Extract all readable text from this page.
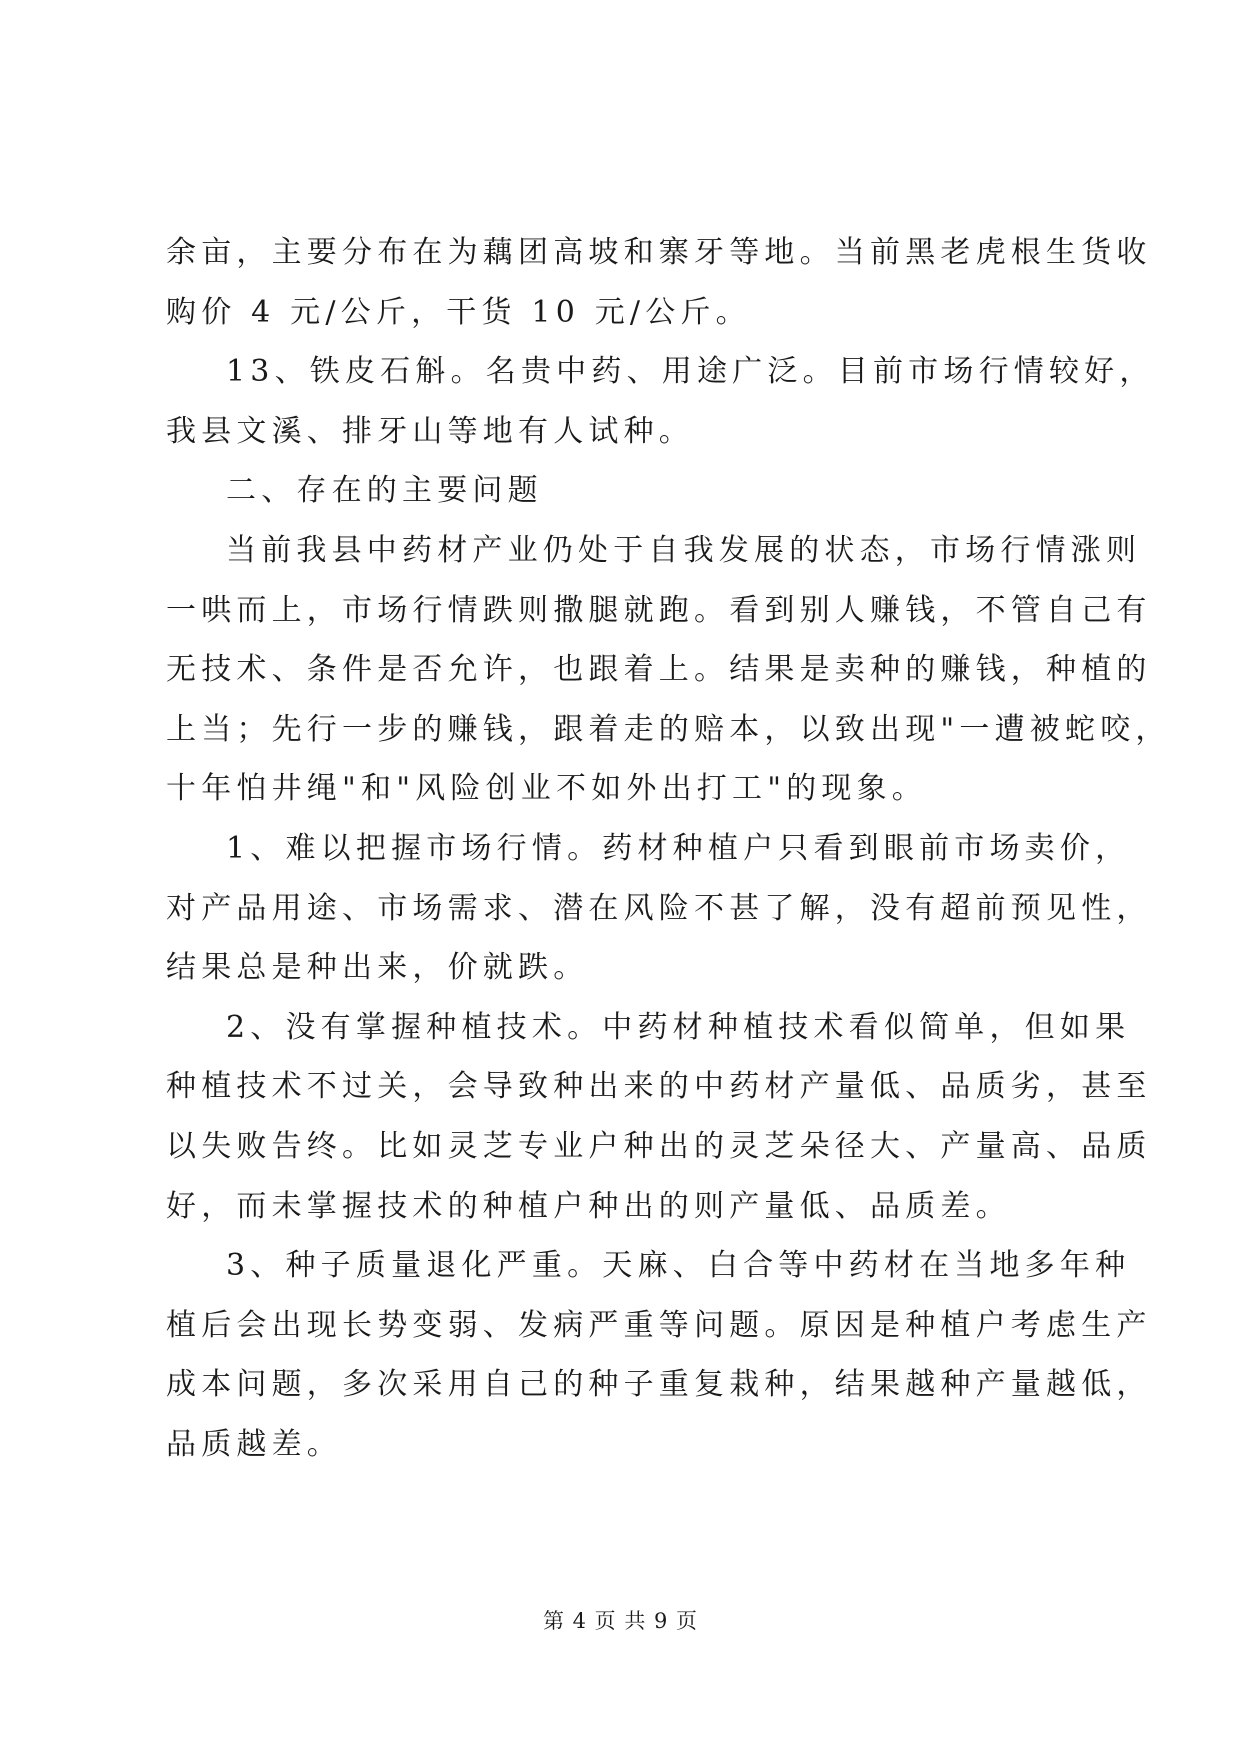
余亩，主要分布在为藕团高坡和寨牙等地。当前黑老虎根生货收
购价 4 元/公斤，干货 10 元/公斤。
13、铁皮石斛。名贵中药、用途广泛。目前市场行情较好，
我县文溪、排牙山等地有人试种。
二、存在的主要问题
当前我县中药材产业仍处于自我发展的状态，市场行情涨则
一哄而上，市场行情跌则撒腿就跑。看到别人赚钱，不管自己有
无技术、条件是否允许，也跟着上。结果是卖种的赚钱，种植的
上当；先行一步的赚钱，跟着走的赔本，以致出现"一遭被蛇咬，
十年怕井绳"和"风险创业不如外出打工"的现象。
1、难以把握市场行情。药材种植户只看到眼前市场卖价，
对产品用途、市场需求、潜在风险不甚了解，没有超前预见性，
结果总是种出来，价就跌。
2、没有掌握种植技术。中药材种植技术看似简单，但如果
种植技术不过关，会导致种出来的中药材产量低、品质劣，甚至
以失败告终。比如灵芝专业户种出的灵芝朵径大、产量高、品质
好，而未掌握技术的种植户种出的则产量低、品质差。
3、种子质量退化严重。天麻、白合等中药材在当地多年种
植后会出现长势变弱、发病严重等问题。原因是种植户考虑生产
成本问题，多次采用自己的种子重复栽种，结果越种产量越低，
品质越差。
第 4 页 共 9 页
